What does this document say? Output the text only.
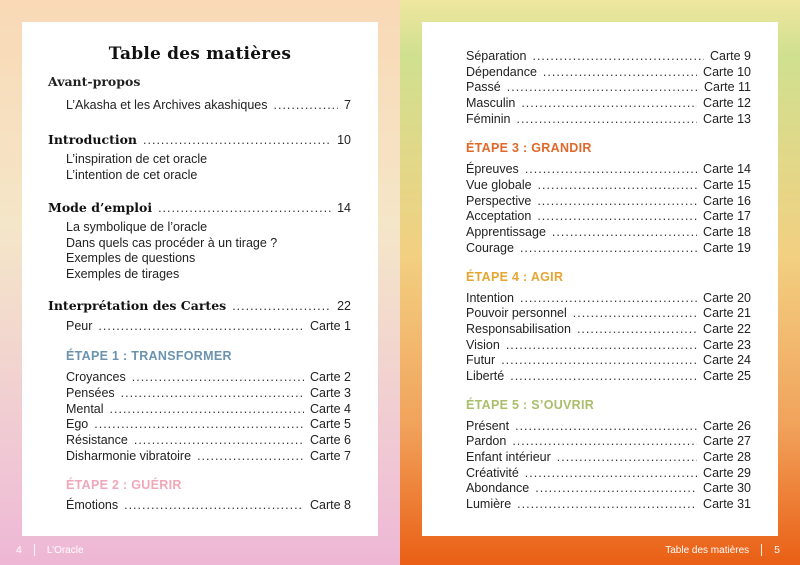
Table des matières
Avant-propos
L’Akasha et les Archives akashiques .....	7
Introduction .....	10
L’inspiration de cet oracle
L’intention de cet oracle
Mode d’emploi .....	14
La symbolique de l’oracle
Dans quels cas procéder à un tirage ?
Exemples de questions
Exemples de tirages
Interprétation des Cartes .....	22
Peur .....	Carte 1
ÉTAPE 1 : TRANSFORMER
Croyances .....	Carte 2
Pensées .....	Carte 3
Mental .....	Carte 4
Ego .....	Carte 5
Résistance .....	Carte 6
Disharmonie vibratoire .....	Carte 7
ÉTAPE 2 : GUÉRIR
Émotions .....	Carte 8
Séparation .....	Carte 9
Dépendance .....	Carte 10
Passé .....	Carte 11
Masculin .....	Carte 12
Féminin .....	Carte 13
ÉTAPE 3 : GRANDIR
Épreuves .....	Carte 14
Vue globale .....	Carte 15
Perspective .....	Carte 16
Acceptation .....	Carte 17
Apprentissage .....	Carte 18
Courage .....	Carte 19
ÉTAPE 4 : AGIR
Intention .....	Carte 20
Pouvoir personnel .....	Carte 21
Responsabilisation .....	Carte 22
Vision .....	Carte 23
Futur .....	Carte 24
Liberté .....	Carte 25
ÉTAPE 5 : S’OUVRIR
Présent .....	Carte 26
Pardon .....	Carte 27
Enfant intérieur .....	Carte 28
Créativité .....	Carte 29
Abondance .....	Carte 30
Lumière .....	Carte 31
4	L’Oracle	Table des matières 5
